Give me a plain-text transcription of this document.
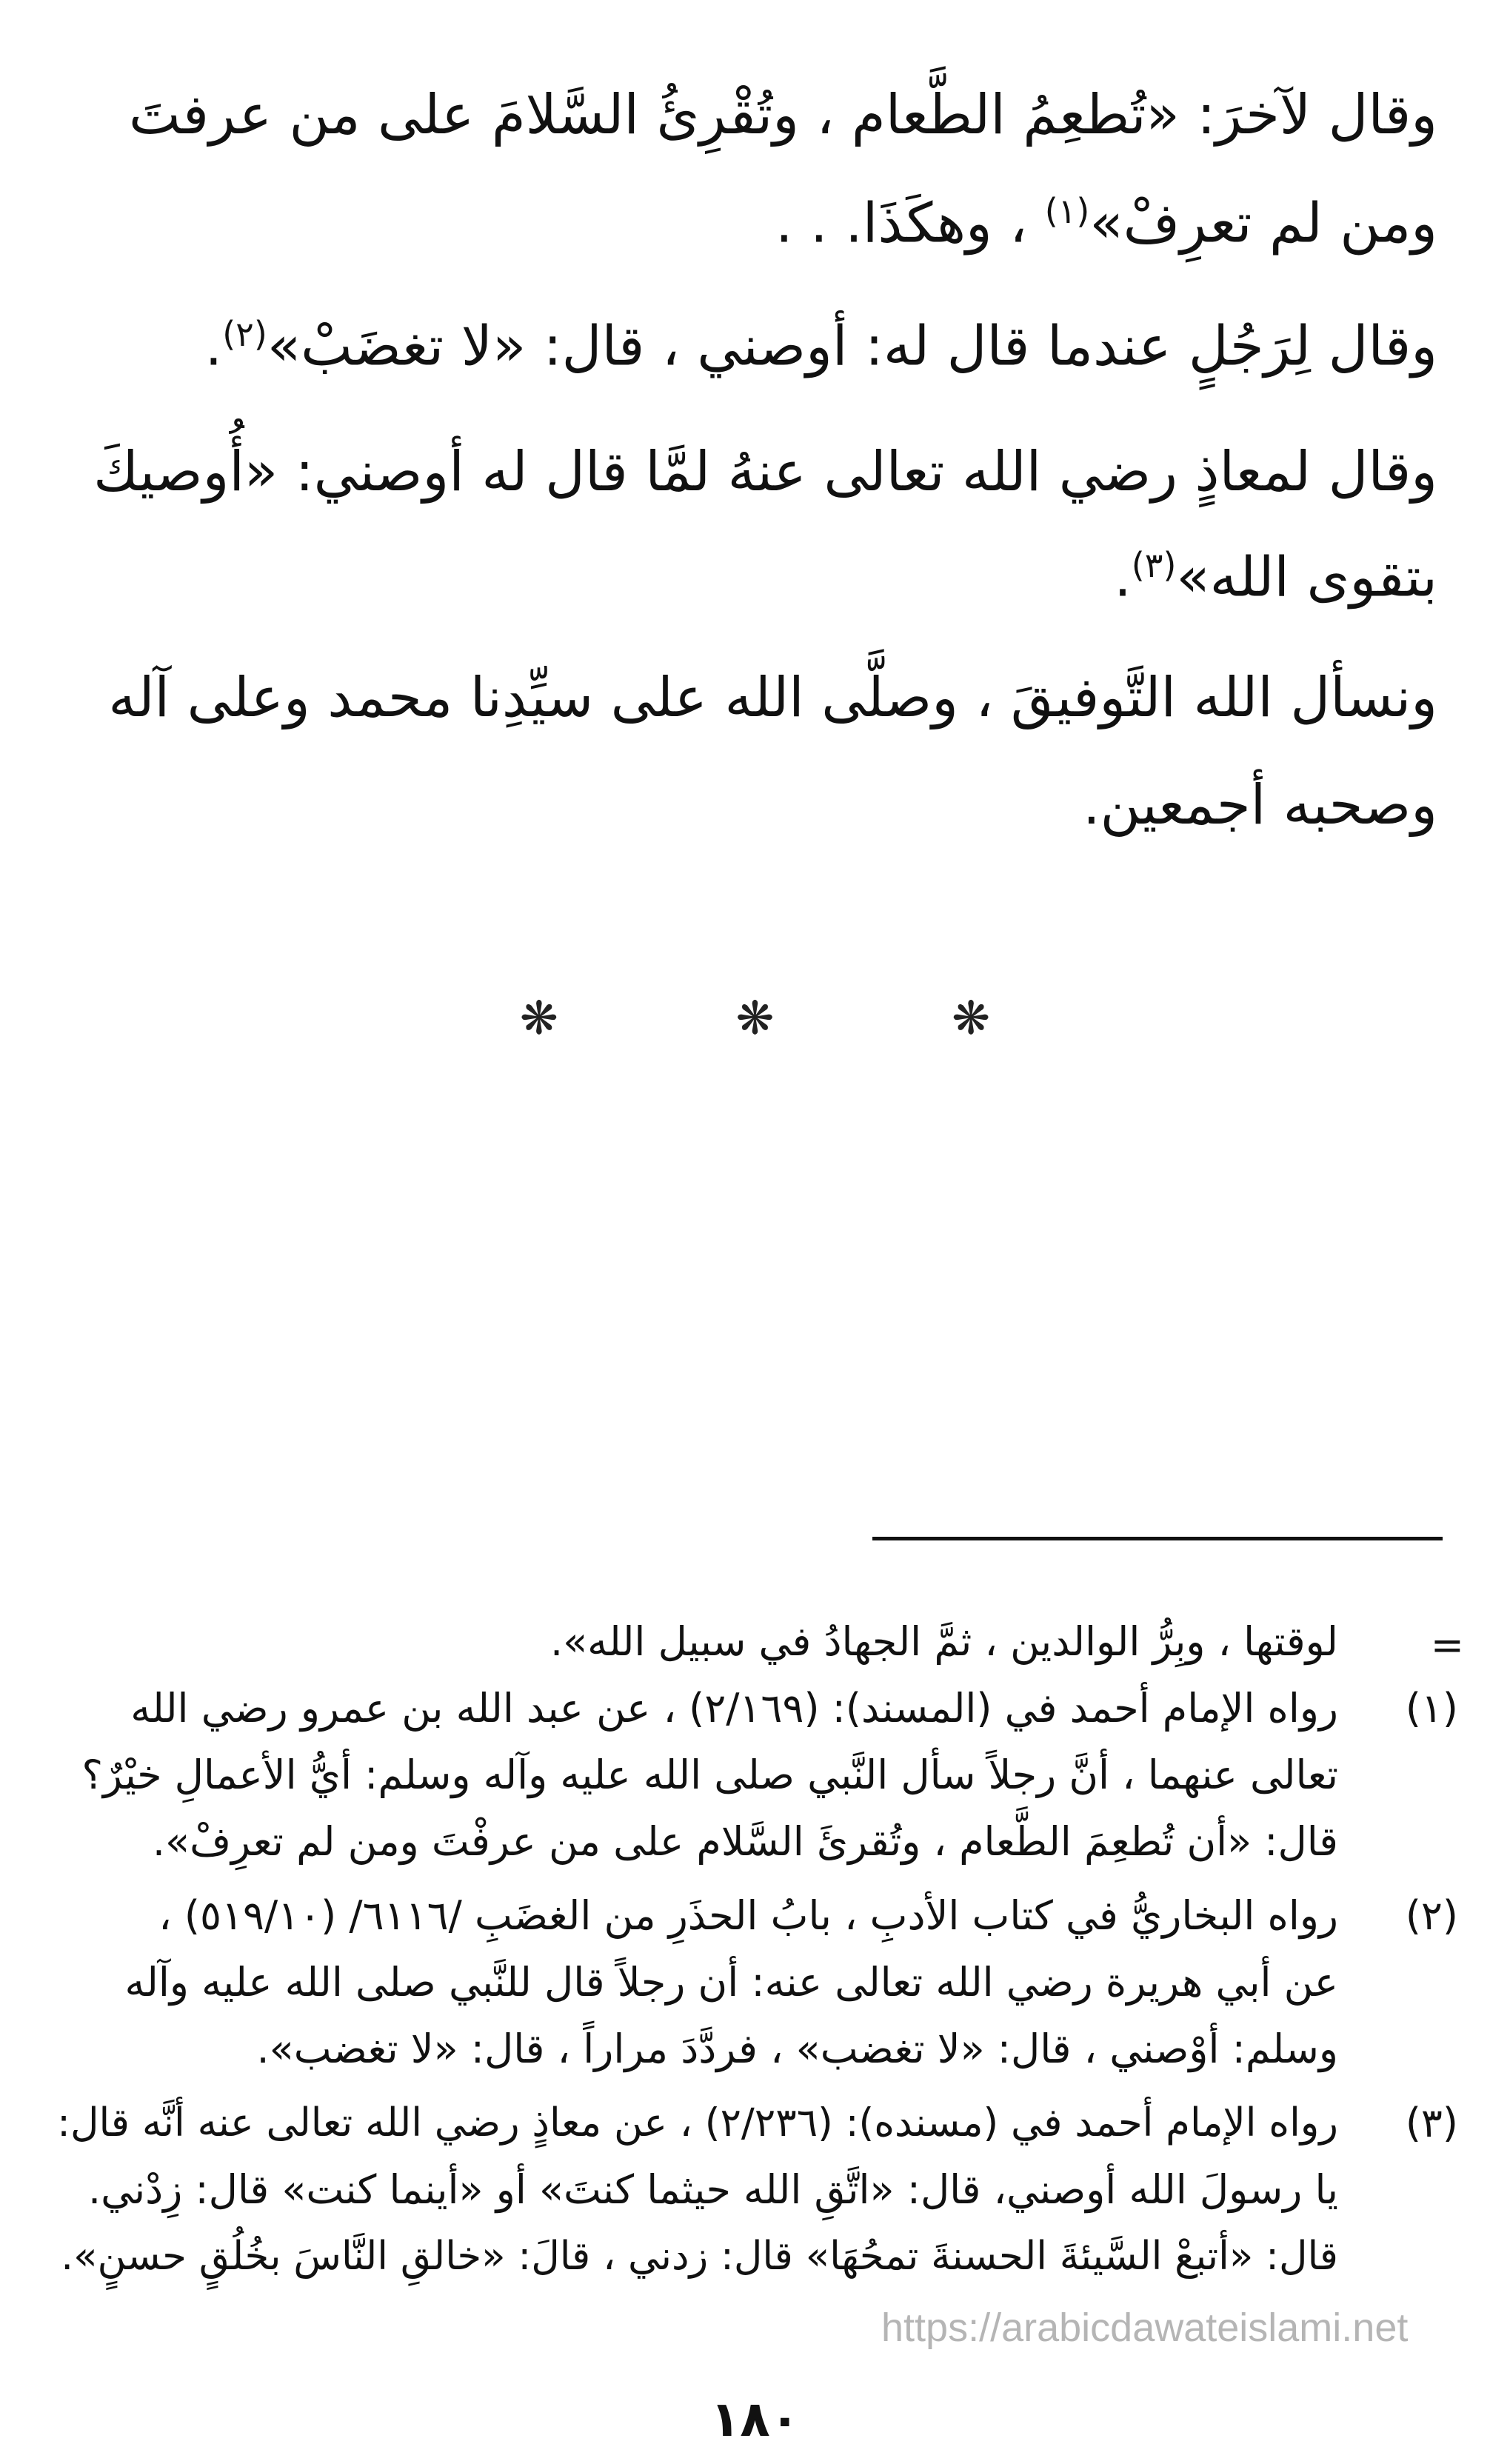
وقال لآخرَ: «تُطعِمُ الطَّعام ، وتُقْرِئُ السَّلامَ على من عرفتَ
ومن لم تعرِفْ»$^{(١)}$ ، وهكَذَا. . .
وقال لِرَجُلٍ عندما قال له: أوصني ، قال: «لا تغضَبْ»$^{(٢)}$.
وقال لمعاذٍ رضي الله تعالى عنهُ لمَّا قال له أوصني: «أُوصيكَ
بتقوى الله»$^{(٣)}$.
ونسأل الله التَّوفيقَ ، وصلَّى الله على سيِّدِنا محمد وعلى آله
وصحبه أجمعين.
❋ ❋ ❋
=
لوقتها ، وبِرُّ الوالدين ، ثمَّ الجهادُ في سبيل الله».
(١)
رواه الإمام أحمد في (المسند): (٢/١٦٩) ، عن عبد الله بن عمرو رضي الله
تعالى عنهما ، أنَّ رجلاً سأل النَّبي صلى الله عليه وآله وسلم: أيُّ الأعمالِ خيْرٌ؟
قال: «أن تُطعِمَ الطَّعام ، وتُقرئَ السَّلام على من عرفْتَ ومن لم تعرِفْ».
(٢)
رواه البخاريُّ في كتاب الأدبِ ، بابُ الحذَرِ من الغضَبِ /٦١١٦/ (٥١٩/١٠) ،
عن أبي هريرة رضي الله تعالى عنه: أن رجلاً قال للنَّبي صلى الله عليه وآله
وسلم: أوْصني ، قال: «لا تغضب» ، فردَّدَ مراراً ، قال: «لا تغضب».
(٣)
رواه الإمام أحمد في (مسنده): (٢/٢٣٦) ، عن معاذٍ رضي الله تعالى عنه أنَّه قال:
يا رسولَ الله أوصني، قال: «اتَّقِ الله حيثما كنتَ» أو «أينما كنت» قال: زِدْني.
قال: «أتبعْ السَّيئةَ الحسنةَ تمحُهَا» قال: زدني ، قالَ: «خالقِ النَّاسَ بخُلُقٍ حسنٍ».
https://arabicdawateislami.net
١٨٠
